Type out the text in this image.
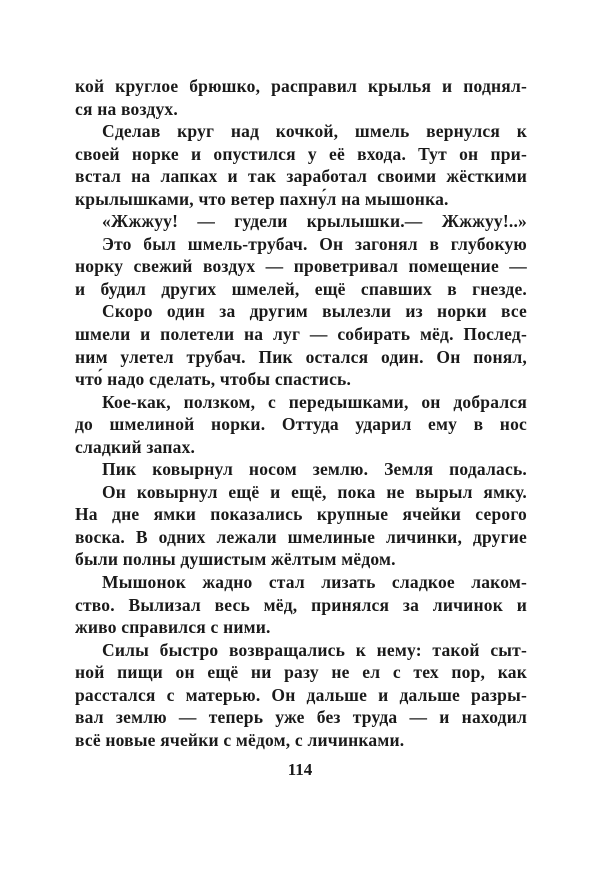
кой круглое брюшко, расправил крылья и поднял-
ся на воздух.
Сделав круг над кочкой, шмель вернулся к
своей норке и опустился у её входа. Тут он при-
встал на лапках и так заработал своими жёсткими
крылышками, что ветер пахну́л на мышонка.
«Жжжуу! — гудели крылышки.— Жжжуу!..»
Это был шмель-трубач. Он загонял в глубокую
норку свежий воздух — проветривал помещение —
и будил других шмелей, ещё спавших в гнезде.
Скоро один за другим вылезли из норки все
шмели и полетели на луг — собирать мёд. Послед-
ним улетел трубач. Пик остался один. Он понял,
что́ надо сделать, чтобы спастись.
Кое-как, ползком, с передышками, он добрался
до шмелиной норки. Оттуда ударил ему в нос
сладкий запах.
Пик ковырнул носом землю. Земля подалась.
Он ковырнул ещё и ещё, пока не вырыл ямку.
На дне ямки показались крупные ячейки серого
воска. В одних лежали шмелиные личинки, другие
были полны душистым жёлтым мёдом.
Мышонок жадно стал лизать сладкое лаком-
ство. Вылизал весь мёд, принялся за личинок и
живо справился с ними.
Силы быстро возвращались к нему: такой сыт-
ной пищи он ещё ни разу не ел с тех пор, как
расстался с матерью. Он дальше и дальше разры-
вал землю — теперь уже без труда — и находил
всё новые ячейки с мёдом, с личинками.
114
